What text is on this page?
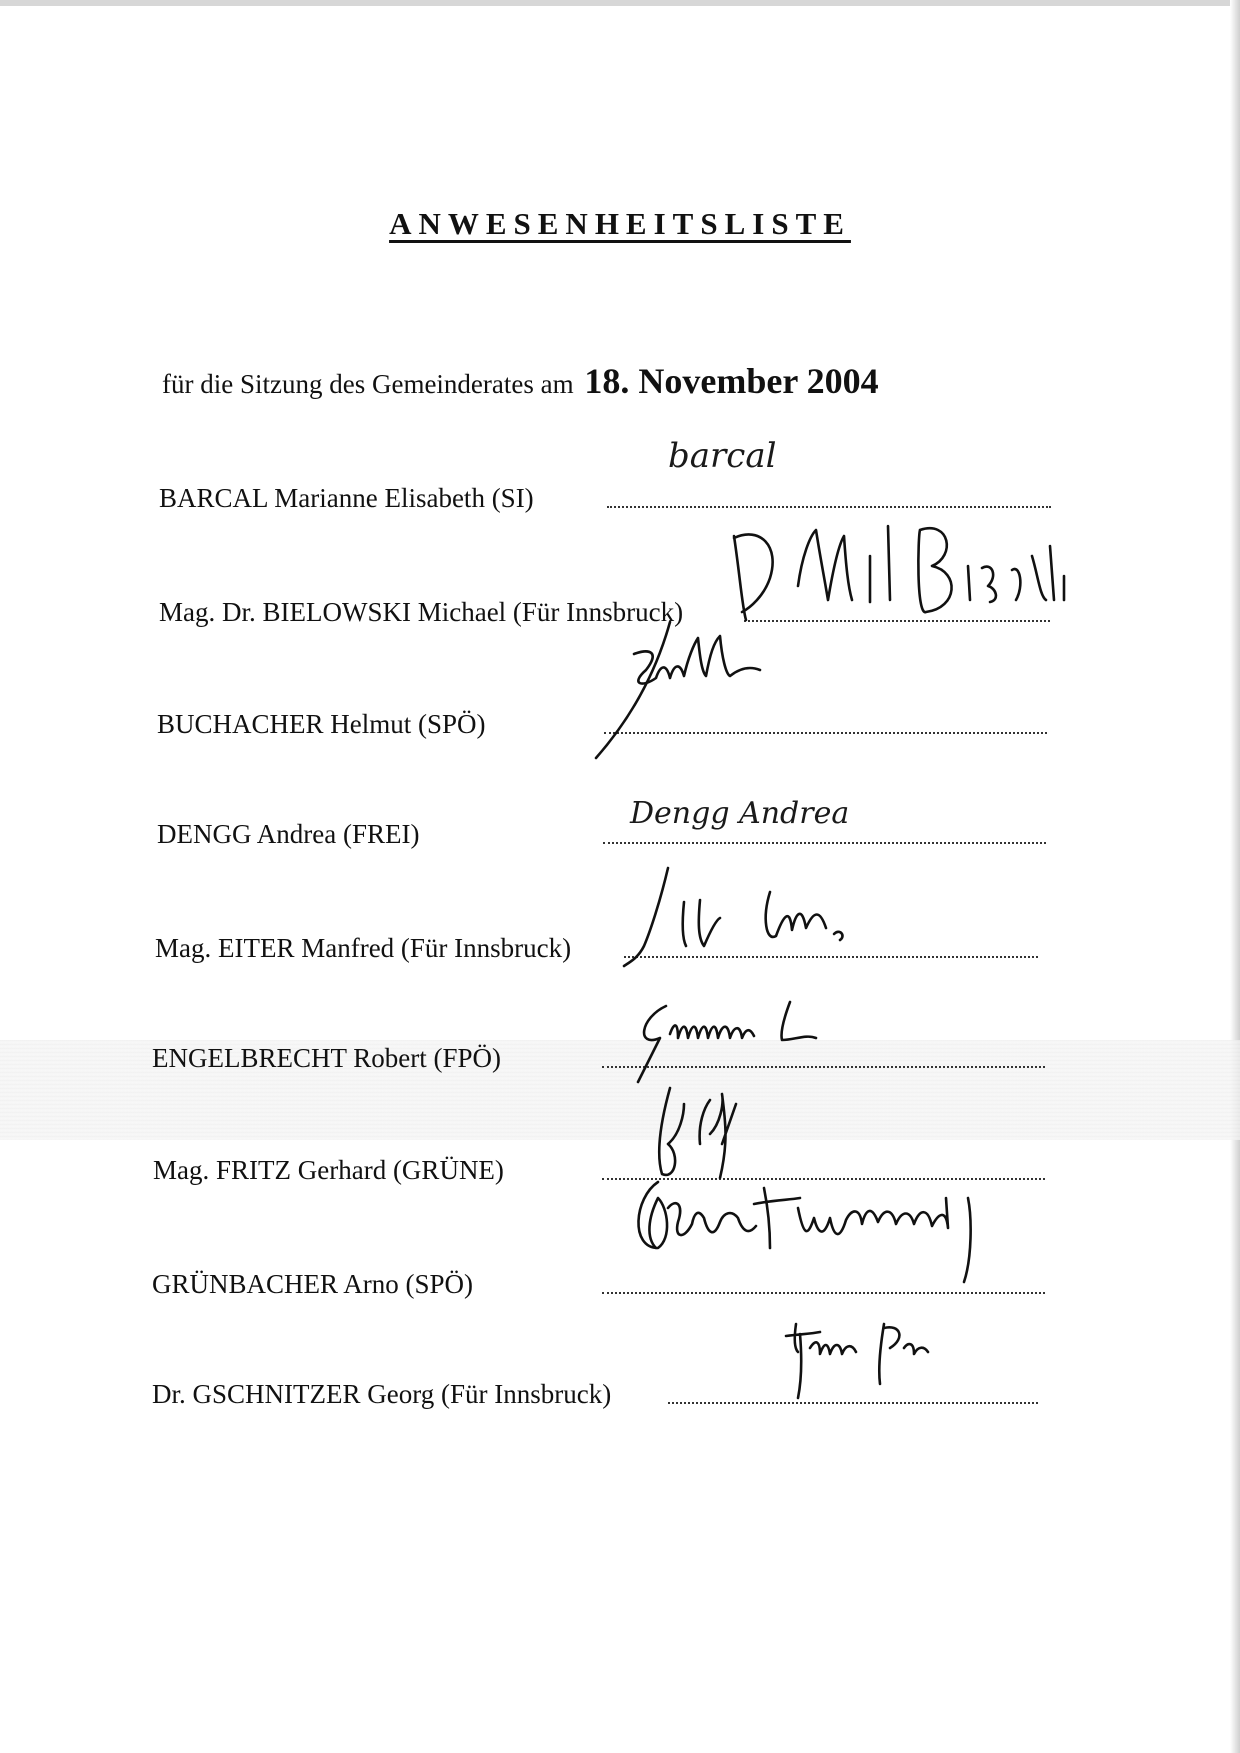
ANWESENHEITSLISTE
für die Sitzung des Gemeinderates am 18. November 2004
BARCAL Marianne Elisabeth (SI)
barcal
Mag. Dr. BIELOWSKI Michael (Für Innsbruck)
BUCHACHER Helmut (SPÖ)
DENGG Andrea (FREI)
Dengg Andrea
Mag. EITER Manfred (Für Innsbruck)
ENGELBRECHT Robert (FPÖ)
Mag. FRITZ Gerhard (GRÜNE)
GRÜNBACHER Arno (SPÖ)
Dr. GSCHNITZER Georg (Für Innsbruck)
